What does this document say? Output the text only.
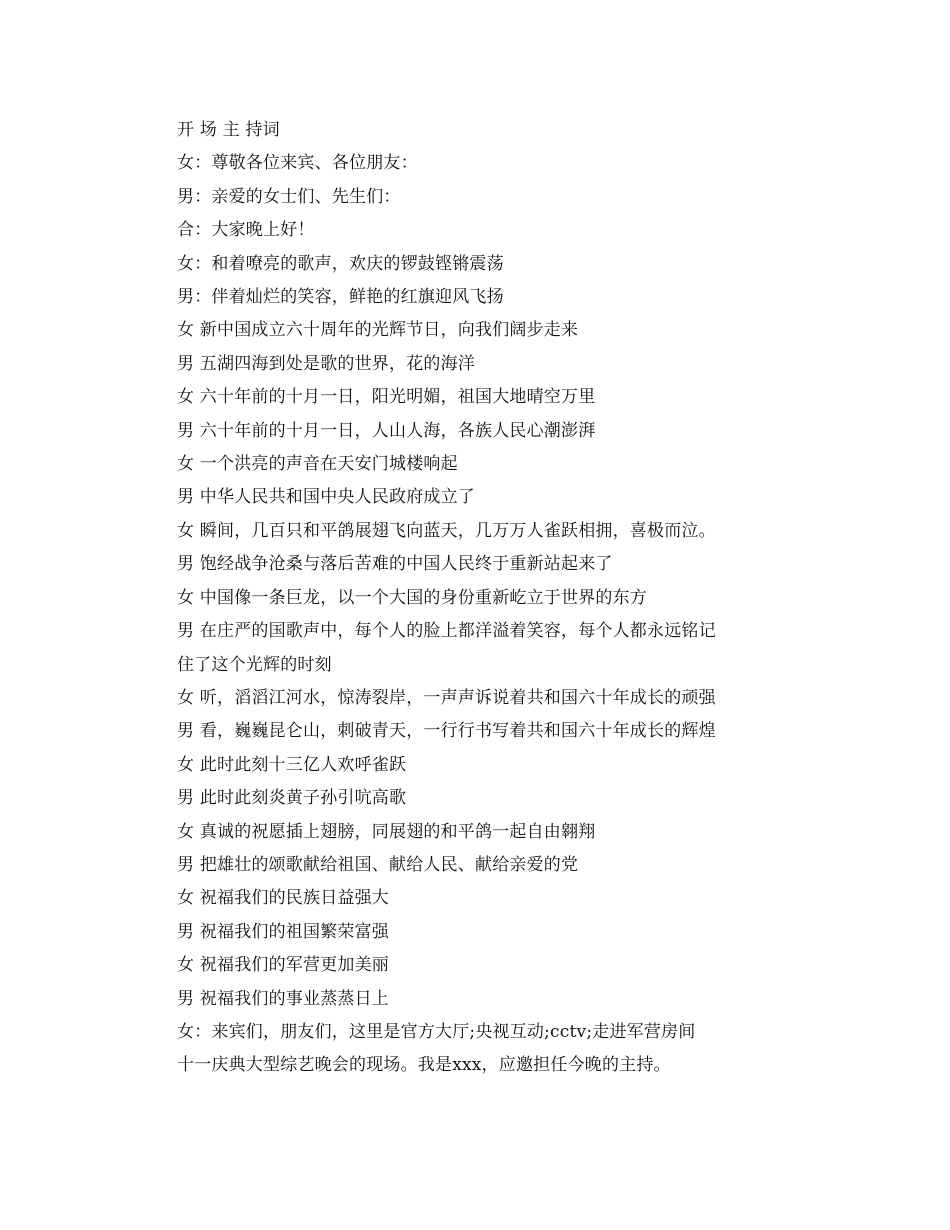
开 场 主 持词
女：尊敬各位来宾、各位朋友：
男：亲爱的女士们、先生们：
合：大家晚上好！
女：和着嘹亮的歌声，欢庆的锣鼓铿锵震荡
男：伴着灿烂的笑容，鲜艳的红旗迎风飞扬
女 新中国成立六十周年的光辉节日，向我们阔步走来
男 五湖四海到处是歌的世界，花的海洋
女 六十年前的十月一日，阳光明媚，祖国大地晴空万里
男 六十年前的十月一日，人山人海，各族人民心潮澎湃
女 一个洪亮的声音在天安门城楼响起
男 中华人民共和国中央人民政府成立了
女 瞬间，几百只和平鸽展翅飞向蓝天，几万万人雀跃相拥，喜极而泣。
男 饱经战争沧桑与落后苦难的中国人民终于重新站起来了
女 中国像一条巨龙，以一个大国的身份重新屹立于世界的东方
男 在庄严的国歌声中，每个人的脸上都洋溢着笑容，每个人都永远铭记
住了这个光辉的时刻
女 听，滔滔江河水，惊涛裂岸，一声声诉说着共和国六十年成长的顽强
男 看，巍巍昆仑山，刺破青天，一行行书写着共和国六十年成长的辉煌
女 此时此刻十三亿人欢呼雀跃
男 此时此刻炎黄子孙引吭高歌
女 真诚的祝愿插上翅膀，同展翅的和平鸽一起自由翱翔
男 把雄壮的颂歌献给祖国、献给人民、献给亲爱的党
女 祝福我们的民族日益强大
男 祝福我们的祖国繁荣富强
女 祝福我们的军营更加美丽
男 祝福我们的事业蒸蒸日上
女：来宾们，朋友们，这里是官方大厅;央视互动;cctv;走进军营房间
十一庆典大型综艺晚会的现场。我是xxx，应邀担任今晚的主持。
